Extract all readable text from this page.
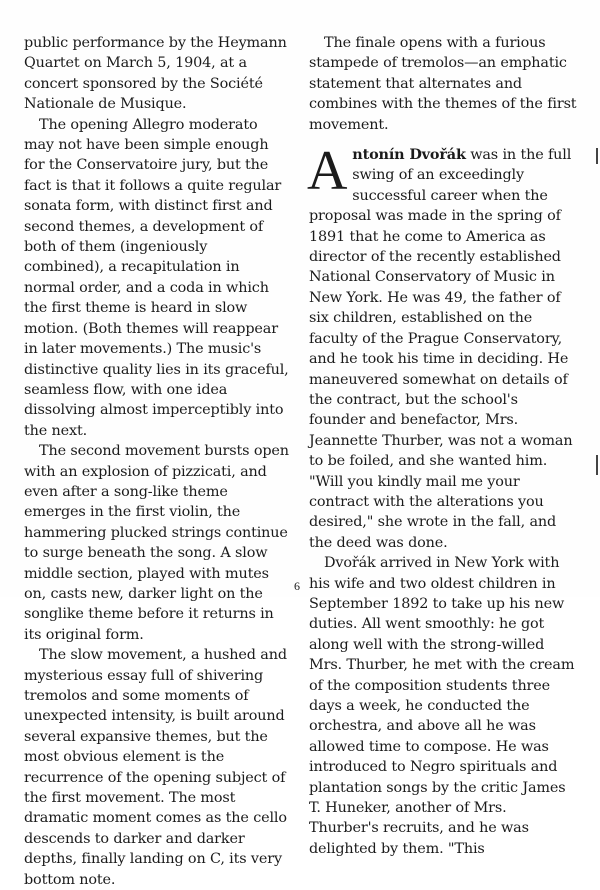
public performance by the Heymann Quartet on March 5, 1904, at a concert sponsored by the Société Nationale de Musique.

The opening Allegro moderato may not have been simple enough for the Conservatoire jury, but the fact is that it follows a quite regular sonata form, with distinct first and second themes, a development of both of them (ingeniously combined), a recapitulation in normal order, and a coda in which the first theme is heard in slow motion. (Both themes will reappear in later movements.) The music's distinctive quality lies in its graceful, seamless flow, with one idea dissolving almost imperceptibly into the next.

The second movement bursts open with an explosion of pizzicati, and even after a song-like theme emerges in the first violin, the hammering plucked strings continue to surge beneath the song. A slow middle section, played with mutes on, casts new, darker light on the songlike theme before it returns in its original form.

The slow movement, a hushed and mysterious essay full of shivering tremolos and some moments of unexpected intensity, is built around several expansive themes, but the most obvious element is the recurrence of the opening subject of the first movement. The most dramatic moment comes as the cello descends to darker and darker depths, finally landing on C, its very bottom note.

The finale opens with a furious stampede of tremolos—an emphatic statement that alternates and combines with the themes of the first movement.

Antonín Dvořák was in the full swing of an exceedingly successful career when the proposal was made in the spring of 1891 that he come to America as director of the recently established National Conservatory of Music in New York. He was 49, the father of six children, established on the faculty of the Prague Conservatory, and he took his time in deciding. He maneuvered somewhat on details of the contract, but the school's founder and benefactor, Mrs. Jeannette Thurber, was not a woman to be foiled, and she wanted him. "Will you kindly mail me your contract with the alterations you desired," she wrote in the fall, and the deed was done.

Dvořák arrived in New York with his wife and two oldest children in September 1892 to take up his new duties. All went smoothly: he got along well with the strong-willed Mrs. Thurber, he met with the cream of the composition students three days a week, he conducted the orchestra, and above all he was allowed time to compose. He was introduced to Negro spirituals and plantation songs by the critic James T. Huneker, another of Mrs. Thurber's recruits, and he was delighted by them. "This

6
